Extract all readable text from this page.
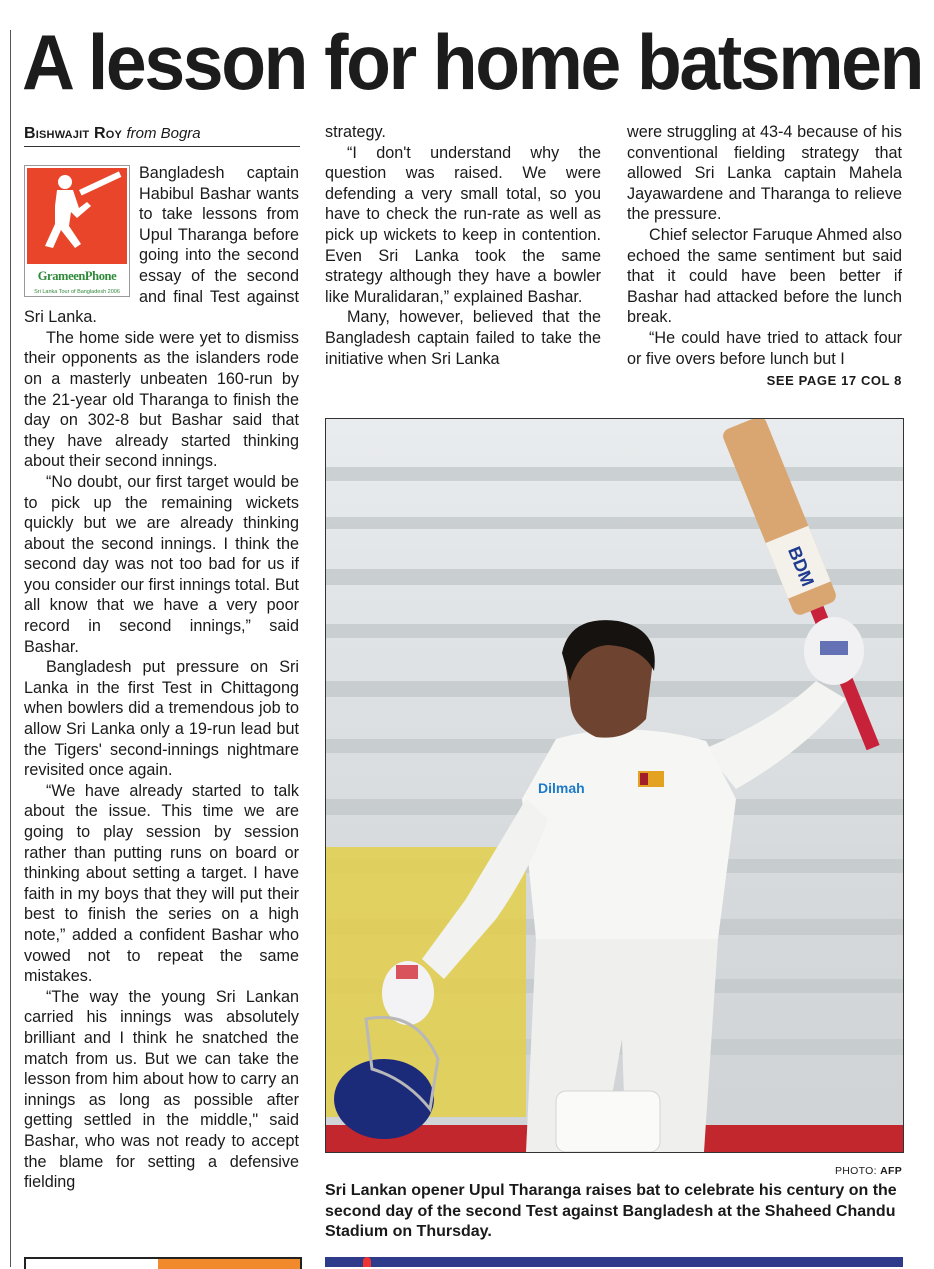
A lesson for home batsmen
Bishwajit Roy from Bogra
GrameenPhone
Sri Lanka Tour of Bangladesh 2006

Bangladesh captain Habibul Bashar wants to take lessons from Upul Tharanga before going into the second essay of the second and final Test against Sri Lanka.

The home side were yet to dismiss their opponents as the islanders rode on a masterly unbeaten 160-run by the 21-year old Tharanga to finish the day on 302-8 but Bashar said that they have already started thinking about their second innings.

“No doubt, our first target would be to pick up the remaining wickets quickly but we are already thinking about the second innings. I think the second day was not too bad for us if you consider our first innings total. But all know that we have a very poor record in second innings,” said Bashar.

Bangladesh put pressure on Sri Lanka in the first Test in Chittagong when bowlers did a tremendous job to allow Sri Lanka only a 19-run lead but the Tigers' second-innings nightmare revisited once again.

“We have already started to talk about the issue. This time we are going to play session by session rather than putting runs on board or thinking about setting a target. I have faith in my boys that they will put their best to finish the series on a high note,” added a confident Bashar who vowed not to repeat the same mistakes.

“The way the young Sri Lankan carried his innings was absolutely brilliant and I think he snatched the match from us. But we can take the lesson from him about how to carry an innings as long as possible after getting settled in the middle," said Bashar, who was not ready to accept the blame for setting a defensive fielding

strategy.

“I don't understand why the question was raised. We were defending a very small total, so you have to check the run-rate as well as pick up wickets to keep in contention. Even Sri Lanka took the same strategy although they have a bowler like Muralidaran,” explained Bashar.

Many, however, believed that the Bangladesh captain failed to take the initiative when Sri Lanka

were struggling at 43-4 because of his conventional fielding strategy that allowed Sri Lanka captain Mahela Jayawardene and Tharanga to relieve the pressure.

Chief selector Faruque Ahmed also echoed the same sentiment but said that it could have been better if Bashar had attacked before the lunch break.

“He could have tried to attack four or five overs before lunch but I

SEE PAGE 17 COL 8
BDM
Dilmah
PHOTO: AFP
Sri Lankan opener Upul Tharanga raises bat to celebrate his century on the second day of the second Test against Bangladesh at the Shaheed Chandu Stadium on Thursday.
